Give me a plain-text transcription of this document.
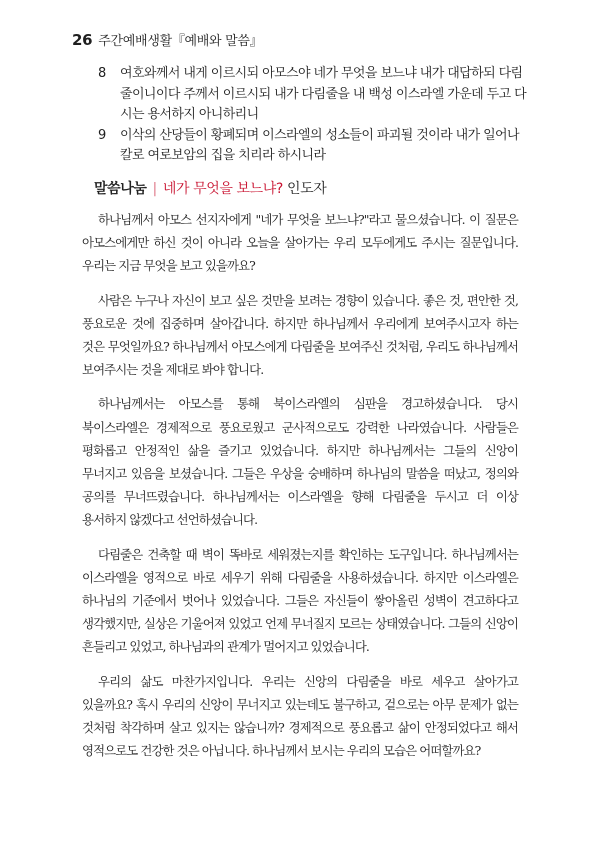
26 주간예배생활『예배와 말씀』
8 여호와께서 내게 이르시되 아모스야 네가 무엇을 보느냐 내가 대답하되 다림줄이니이다 주께서 이르시되 내가 다림줄을 내 백성 이스라엘 가운데 두고 다시는 용서하지 아니하리니
9 이삭의 산당들이 황폐되며 이스라엘의 성소들이 파괴될 것이라 내가 일어나 칼로 여로보암의 집을 치리라 하시니라
말씀나눔 | 네가 무엇을 보느냐? 인도자

하나님께서 아모스 선지자에게 "네가 무엇을 보느냐?"라고 물으셨습니다. 이 질문은 아모스에게만 하신 것이 아니라 오늘을 살아가는 우리 모두에게도 주시는 질문입니다. 우리는 지금 무엇을 보고 있을까요?

사람은 누구나 자신이 보고 싶은 것만을 보려는 경향이 있습니다. 좋은 것, 편안한 것, 풍요로운 것에 집중하며 살아갑니다. 하지만 하나님께서 우리에게 보여주시고자 하는 것은 무엇일까요? 하나님께서 아모스에게 다림줄을 보여주신 것처럼, 우리도 하나님께서 보여주시는 것을 제대로 봐야 합니다.

하나님께서는 아모스를 통해 북이스라엘의 심판을 경고하셨습니다. 당시 북이스라엘은 경제적으로 풍요로웠고 군사적으로도 강력한 나라였습니다. 사람들은 평화롭고 안정적인 삶을 즐기고 있었습니다. 하지만 하나님께서는 그들의 신앙이 무너지고 있음을 보셨습니다. 그들은 우상을 숭배하며 하나님의 말씀을 떠났고, 정의와 공의를 무너뜨렸습니다. 하나님께서는 이스라엘을 향해 다림줄을 두시고 더 이상 용서하지 않겠다고 선언하셨습니다.

다림줄은 건축할 때 벽이 똑바로 세워졌는지를 확인하는 도구입니다. 하나님께서는 이스라엘을 영적으로 바로 세우기 위해 다림줄을 사용하셨습니다. 하지만 이스라엘은 하나님의 기준에서 벗어나 있었습니다. 그들은 자신들이 쌓아올린 성벽이 견고하다고 생각했지만, 실상은 기울어져 있었고 언제 무너질지 모르는 상태였습니다. 그들의 신앙이 흔들리고 있었고, 하나님과의 관계가 멀어지고 있었습니다.

우리의 삶도 마찬가지입니다. 우리는 신앙의 다림줄을 바로 세우고 살아가고 있을까요? 혹시 우리의 신앙이 무너지고 있는데도 불구하고, 겉으로는 아무 문제가 없는 것처럼 착각하며 살고 있지는 않습니까? 경제적으로 풍요롭고 삶이 안정되었다고 해서 영적으로도 건강한 것은 아닙니다. 하나님께서 보시는 우리의 모습은 어떠할까요?
